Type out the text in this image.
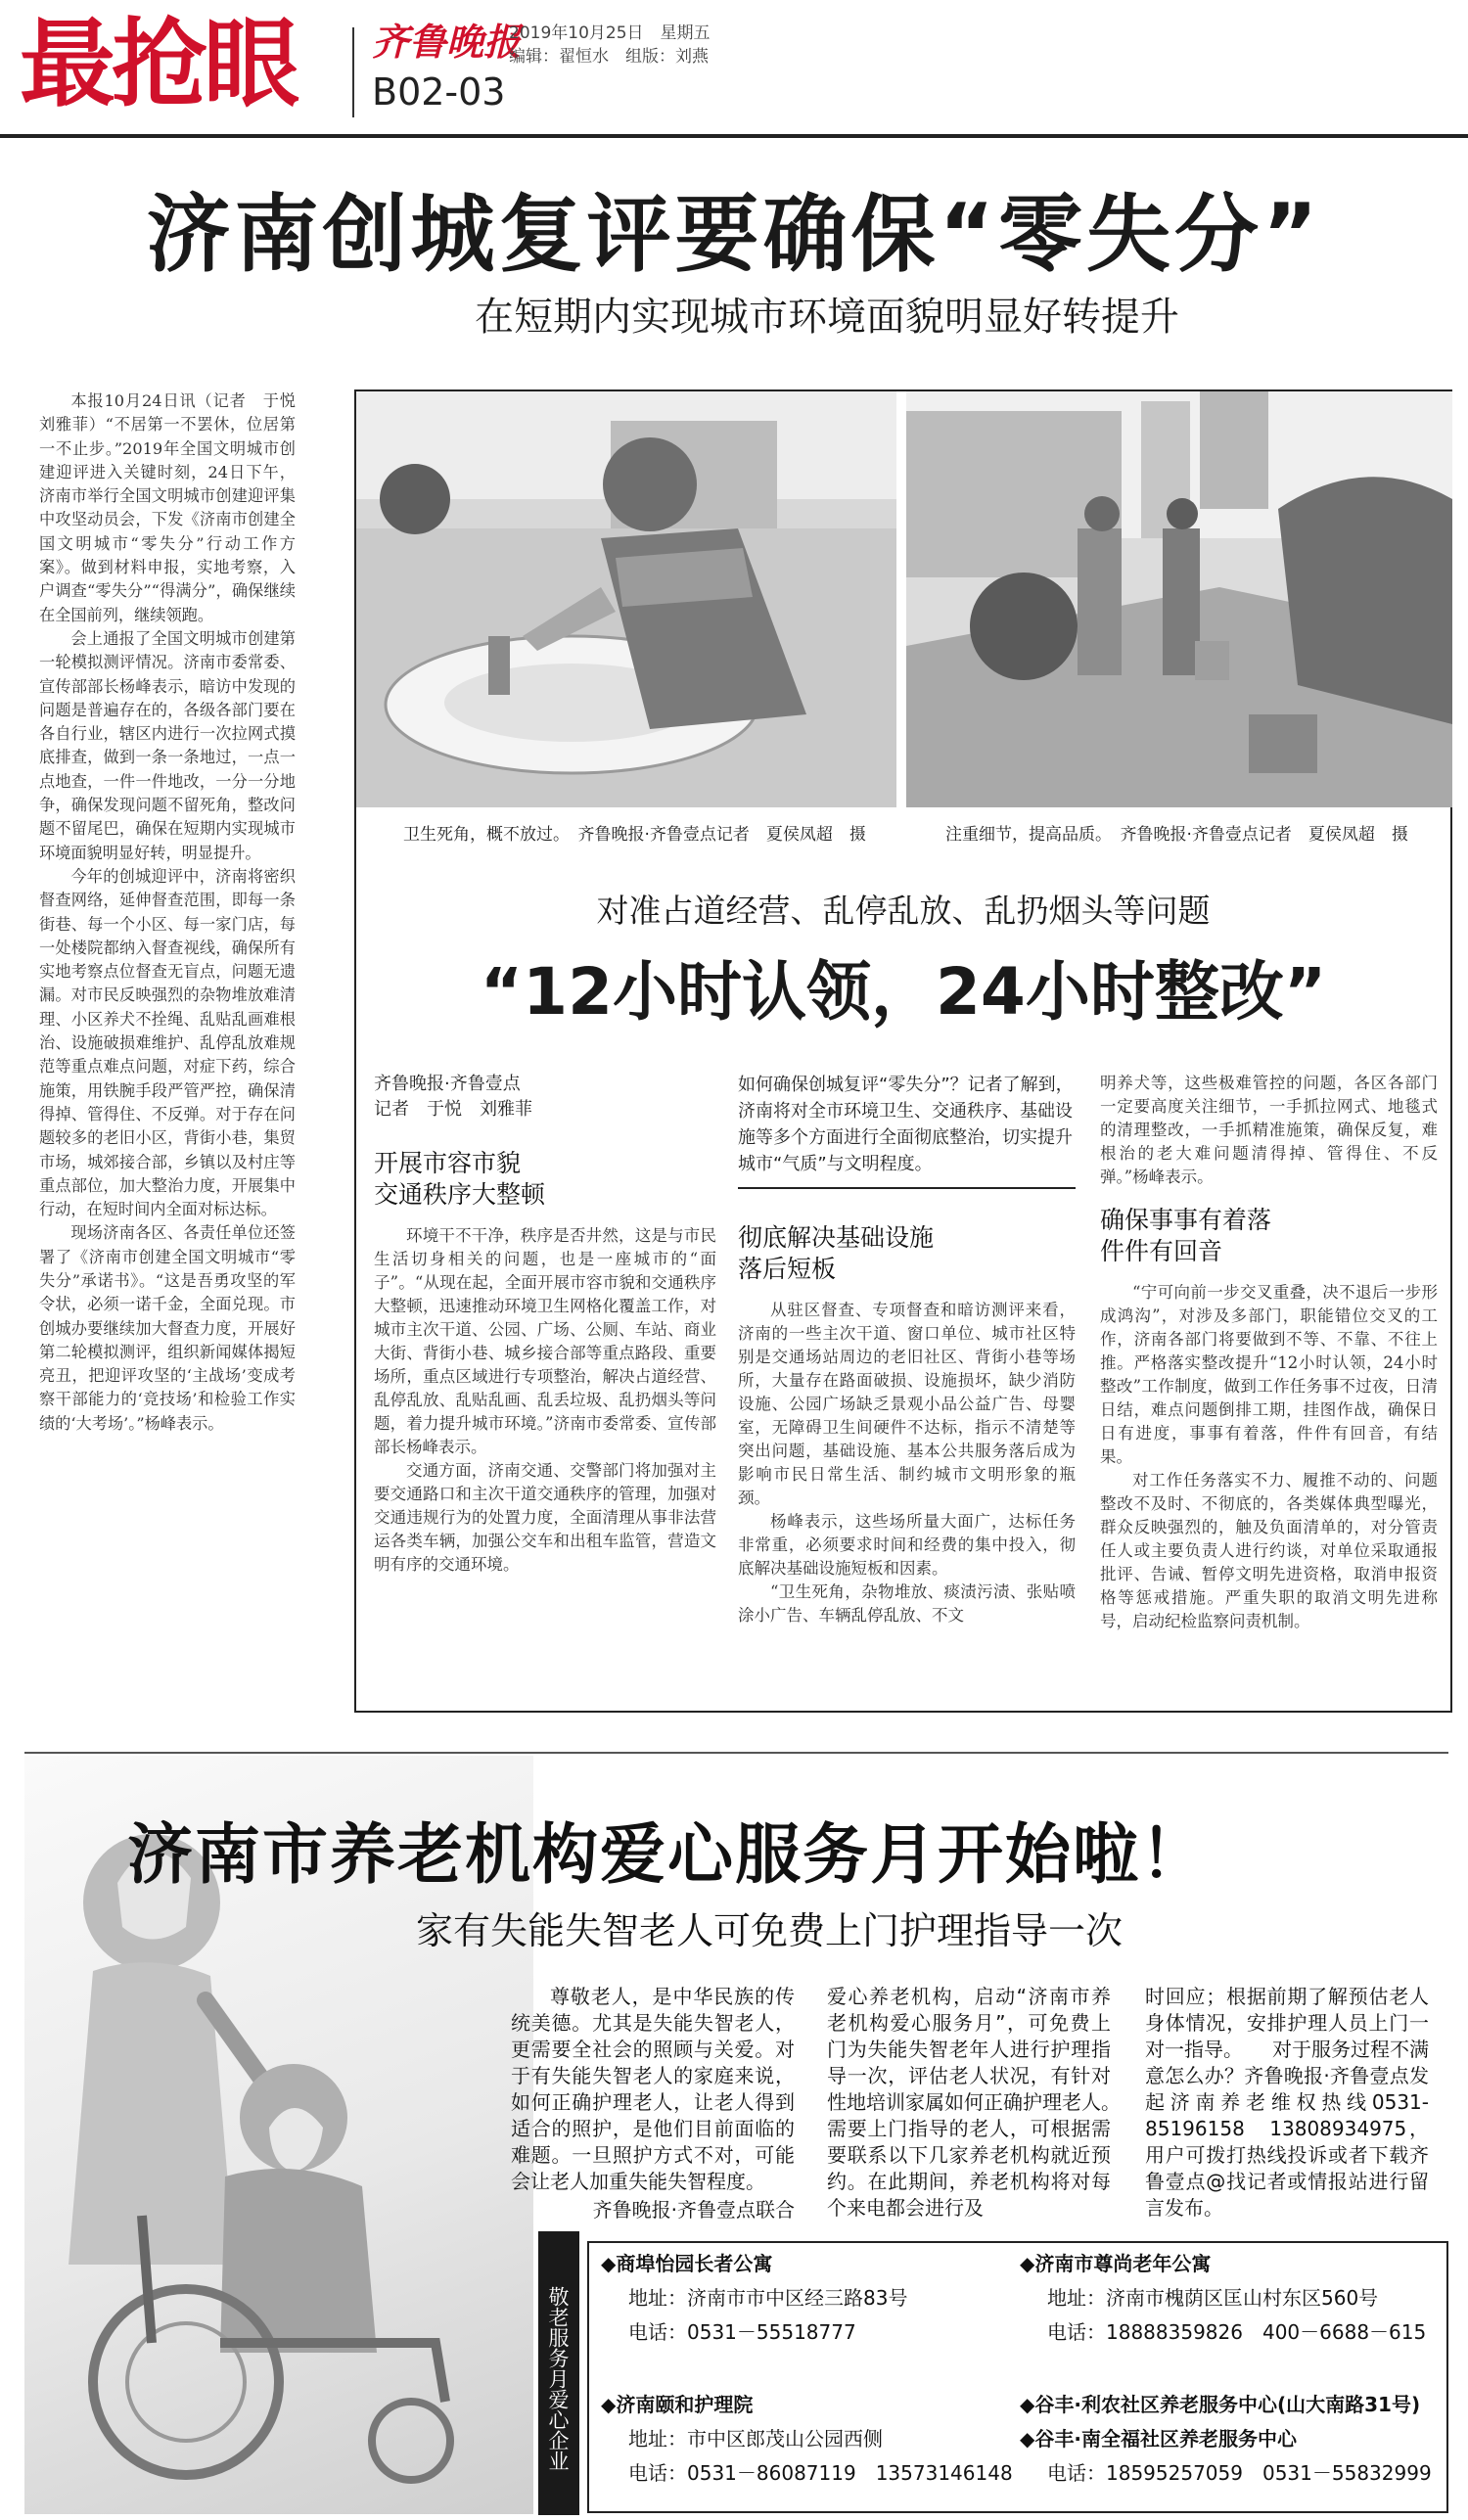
最抢眼 齐鲁晚报
2019年10月25日　星期五
编辑：翟恒水　组版：刘燕
B02-03
济南创城复评要确保“零失分”
在短期内实现城市环境面貌明显好转提升

本报10月24日讯（记者　于悦　刘雅菲）“不居第一不罢休，位居第一不止步。”2019年全国文明城市创建迎评进入关键时刻，24日下午，济南市举行全国文明城市创建迎评集中攻坚动员会，下发《济南市创建全国文明城市“零失分”行动工作方案》。做到材料申报，实地考察，入户调查“零失分”“得满分”，确保继续在全国前列，继续领跑。

会上通报了全国文明城市创建第一轮模拟测评情况。济南市委常委、宣传部部长杨峰表示，暗访中发现的问题是普遍存在的，各级各部门要在各自行业，辖区内进行一次拉网式摸底排查，做到一条一条地过，一点一点地查，一件一件地改，一分一分地争，确保发现问题不留死角，整改问题不留尾巴，确保在短期内实现城市环境面貌明显好转，明显提升。

今年的创城迎评中，济南将密织督查网络，延伸督查范围，即每一条街巷、每一个小区、每一家门店，每一处楼院都纳入督查视线，确保所有实地考察点位督查无盲点，问题无遗漏。对市民反映强烈的杂物堆放难清理、小区养犬不拴绳、乱贴乱画难根治、设施破损难维护、乱停乱放难规范等重点难点问题，对症下药，综合施策，用铁腕手段严管严控，确保清得掉、管得住、不反弹。对于存在问题较多的老旧小区，背街小巷，集贸市场，城郊接合部，乡镇以及村庄等重点部位，加大整治力度，开展集中行动，在短时间内全面对标达标。

现场济南各区、各责任单位还签署了《济南市创建全国文明城市“零失分”承诺书》。“这是吾勇攻坚的军令状，必须一诺千金，全面兑现。市创城办要继续加大督查力度，开展好第二轮模拟测评，组织新闻媒体揭短亮丑，把迎评攻坚的‘主战场’变成考察干部能力的‘竞技场’和检验工作实绩的‘大考场’。”杨峰表示。

卫生死角，概不放过。　齐鲁晚报·齐鲁壹点记者　夏侯凤超　摄	注重细节，提高品质。　齐鲁晚报·齐鲁壹点记者　夏侯凤超　摄
对准占道经营、乱停乱放、乱扔烟头等问题
“12小时认领，24小时整改”
齐鲁晚报·齐鲁壹点
记者　于悦　刘雅菲
开展市容市貌
交通秩序大整顿

环境干不干净，秩序是否井然，这是与市民生活切身相关的问题，也是一座城市的“面子”。“从现在起，全面开展市容市貌和交通秩序大整顿，迅速推动环境卫生网格化覆盖工作，对城市主次干道、公园、广场、公厕、车站、商业大街、背街小巷、城乡接合部等重点路段、重要场所，重点区域进行专项整治，解决占道经营、乱停乱放、乱贴乱画、乱丢垃圾、乱扔烟头等问题，着力提升城市环境。”济南市委常委、宣传部部长杨峰表示。

交通方面，济南交通、交警部门将加强对主要交通路口和主次干道交通秩序的管理，加强对交通违规行为的处置力度，全面清理从事非法营运各类车辆，加强公交车和出租车监管，营造文明有序的交通环境。

如何确保创城复评“零失分”？记者了解到，济南将对全市环境卫生、交通秩序、基础设施等多个方面进行全面彻底整治，切实提升城市“气质”与文明程度。
彻底解决基础设施
落后短板

从驻区督查、专项督查和暗访测评来看，济南的一些主次干道、窗口单位、城市社区特别是交通场站周边的老旧社区、背街小巷等场所，大量存在路面破损、设施损坏，缺少消防设施、公园广场缺乏景观小品公益广告、母婴室，无障碍卫生间硬件不达标，指示不清楚等突出问题，基础设施、基本公共服务落后成为影响市民日常生活、制约城市文明形象的瓶颈。

杨峰表示，这些场所量大面广，达标任务非常重，必须要求时间和经费的集中投入，彻底解决基础设施短板和因素。

“卫生死角，杂物堆放、痰渍污渍、张贴喷涂小广告、车辆乱停乱放、不文

明养犬等，这些极难管控的问题，各区各部门一定要高度关注细节，一手抓拉网式、地毯式的清理整改，一手抓精准施策，确保反复，难根治的老大难问题清得掉、管得住、不反弹。”杨峰表示。

确保事事有着落
件件有回音

“宁可向前一步交叉重叠，决不退后一步形成鸿沟”，对涉及多部门，职能错位交叉的工作，济南各部门将要做到不等、不靠、不往上推。严格落实整改提升“12小时认领，24小时整改”工作制度，做到工作任务事不过夜，日清日结，难点问题倒排工期，挂图作战，确保日日有进度，事事有着落，件件有回音，有结果。

对工作任务落实不力、履推不动的、问题整改不及时、不彻底的，各类媒体典型曝光，群众反映强烈的，触及负面清单的，对分管责任人或主要负责人进行约谈，对单位采取通报批评、告诫、暂停文明先进资格，取消申报资格等惩戒措施。严重失职的取消文明先进称号，启动纪检监察问责机制。

济南市养老机构爱心服务月开始啦！
家有失能失智老人可免费上门护理指导一次

尊敬老人，是中华民族的传统美德。尤其是失能失智老人，更需要全社会的照顾与关爱。对于有失能失智老人的家庭来说，如何正确护理老人，让老人得到适合的照护，是他们目前面临的难题。一旦照护方式不对，可能会让老人加重失能失智程度。

齐鲁晚报·齐鲁壹点联合

爱心养老机构，启动“济南市养老机构爱心服务月”，可免费上门为失能失智老年人进行护理指导一次，评估老人状况，有针对性地培训家属如何正确护理老人。　　需要上门指导的老人，可根据需要联系以下几家养老机构就近预约。在此期间，养老机构将对每个来电都会进行及

时回应；根据前期了解预估老人身体情况，安排护理人员上门一对一指导。　　对于服务过程不满意怎么办？齐鲁晚报·齐鲁壹点发起济南养老维权热线0531-85196158　13808934975，用户可拨打热线投诉或者下载齐鲁壹点@找记者或情报站进行留言发布。

敬老服务月爱心企业
◆商埠怡园长者公寓
地址：济南市市中区经三路83号
电话：0531－55518777
◆济南市尊尚老年公寓
地址：济南市槐荫区匡山村东区560号
电话：18888359826　400－6688－615
◆济南颐和护理院
地址：市中区郎茂山公园西侧
电话：0531－86087119　13573146148
◆谷丰·利农社区养老服务中心(山大南路31号)
◆谷丰·南全福社区养老服务中心
电话：18595257059　0531－55832999
